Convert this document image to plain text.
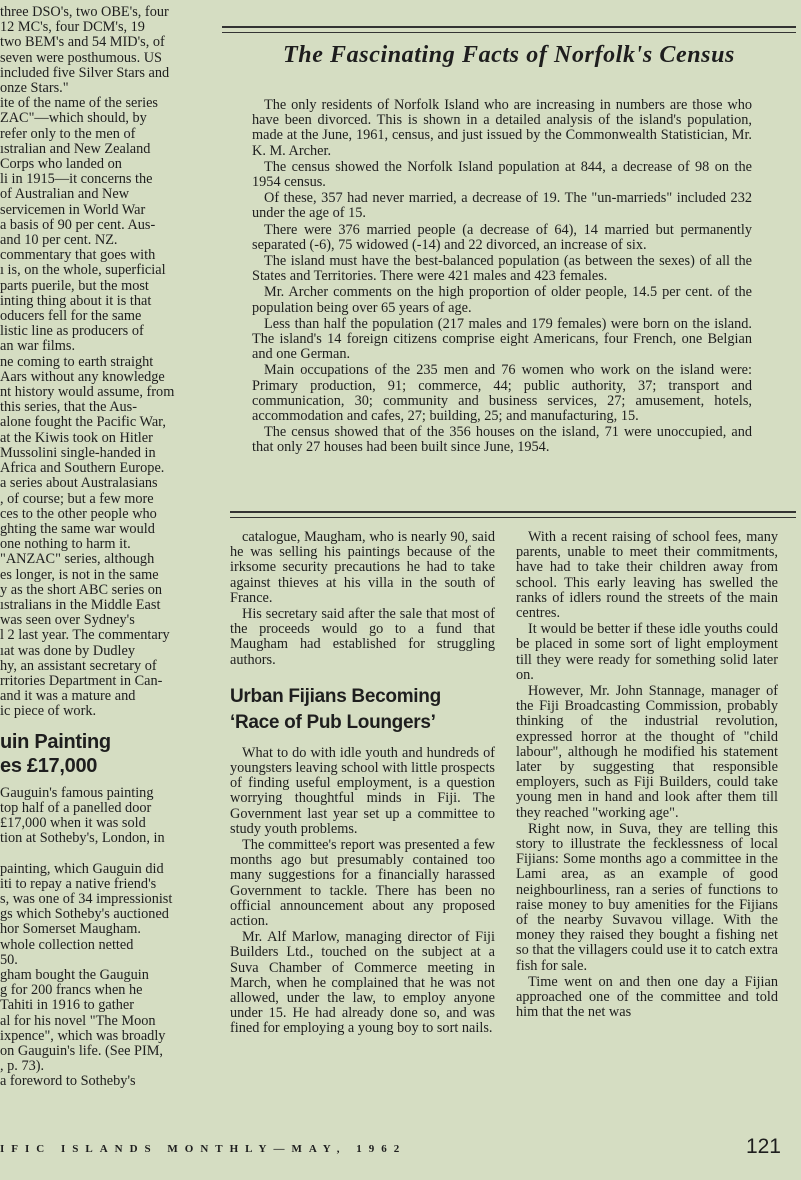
three DSO's, two OBE's, four

12 MC's, four DCM's, 19

two BEM's and 54 MID's, of

seven were posthumous. US

included five Silver Stars and

onze Stars."

ite of the name of the series

ZAC"—which should, by

refer only to the men of

ıstralian and New Zealand

Corps who landed on

li in 1915—it concerns the

of Australian and New

servicemen in World War

a basis of 90 per cent. Aus-

and 10 per cent. NZ.

commentary that goes with

ı is, on the whole, superficial

parts puerile, but the most

inting thing about it is that

oducers fell for the same

listic line as producers of

an war films.

ne coming to earth straight

Aars without any knowledge

nt history would assume, from

this series, that the Aus-

alone fought the Pacific War,

at the Kiwis took on Hitler

Mussolini single-handed in

Africa and Southern Europe.

a series about Australasians

, of course; but a few more

ces to the other people who

ghting the same war would

one nothing to harm it.

"ANZAC" series, although

es longer, is not in the same

y as the short ABC series on

ıstralians in the Middle East

was seen over Sydney's

l 2 last year. The commentary

ıat was done by Dudley

hy, an assistant secretary of

rritories Department in Can-

and it was a mature and

ic piece of work.

uin Painting

es £17,000

Gauguin's famous painting

top half of a panelled door

£17,000 when it was sold

tion at Sotheby's, London, in

painting, which Gauguin did

iti to repay a native friend's

s, was one of 34 impressionist

gs which Sotheby's auctioned

hor Somerset Maugham.

whole collection netted

50.

gham bought the Gauguin

g for 200 francs when he

Tahiti in 1916 to gather

al for his novel "The Moon

ixpence", which was broadly

on Gauguin's life. (See PIM,

, p. 73).

a foreword to Sotheby's

The Fascinating Facts of Norfolk's Census

The only residents of Norfolk Island who are increasing in numbers are those who have been divorced. This is shown in a detailed analysis of the island's population, made at the June, 1961, census, and just issued by the Commonwealth Statistician, Mr. K. M. Archer.

The census showed the Norfolk Island population at 844, a decrease of 98 on the 1954 census.

Of these, 357 had never married, a decrease of 19. The "un-marrieds" included 232 under the age of 15.

There were 376 married people (a decrease of 64), 14 married but permanently separated (-6), 75 widowed (-14) and 22 divorced, an increase of six.

The island must have the best-balanced population (as between the sexes) of all the States and Territories. There were 421 males and 423 females.

Mr. Archer comments on the high proportion of older people, 14.5 per cent. of the population being over 65 years of age.

Less than half the population (217 males and 179 females) were born on the island. The island's 14 foreign citizens comprise eight Americans, four French, one Belgian and one German.

Main occupations of the 235 men and 76 women who work on the island were: Primary production, 91; commerce, 44; public authority, 37; transport and communication, 30; community and business services, 27; amusement, hotels, accommodation and cafes, 27; building, 25; and manufacturing, 15.

The census showed that of the 356 houses on the island, 71 were unoccupied, and that only 27 houses had been built since June, 1954.

catalogue, Maugham, who is nearly 90, said he was selling his paintings because of the irksome security precautions he had to take against thieves at his villa in the south of France.

His secretary said after the sale that most of the proceeds would go to a fund that Maugham had established for struggling authors.

Urban Fijians Becoming ‘Race of Pub Loungers’

What to do with idle youth and hundreds of youngsters leaving school with little prospects of finding useful employment, is a question worrying thoughtful minds in Fiji. The Government last year set up a committee to study youth problems.

The committee's report was presented a few months ago but presumably contained too many suggestions for a financially harassed Government to tackle. There has been no official announcement about any proposed action.

Mr. Alf Marlow, managing director of Fiji Builders Ltd., touched on the subject at a Suva Chamber of Commerce meeting in March, when he complained that he was not allowed, under the law, to employ anyone under 15. He had already done so, and was fined for employing a young boy to sort nails.

With a recent raising of school fees, many parents, unable to meet their commitments, have had to take their children away from school. This early leaving has swelled the ranks of idlers round the streets of the main centres.

It would be better if these idle youths could be placed in some sort of light employment till they were ready for something solid later on.

However, Mr. John Stannage, manager of the Fiji Broadcasting Commission, probably thinking of the industrial revolution, expressed horror at the thought of "child labour", although he modified his statement later by suggesting that responsible employers, such as Fiji Builders, could take young men in hand and look after them till they reached "working age".

Right now, in Suva, they are telling this story to illustrate the fecklessness of local Fijians: Some months ago a committee in the Lami area, as an example of good neighbourliness, ran a series of functions to raise money to buy amenities for the Fijians of the nearby Suvavou village. With the money they raised they bought a fishing net so that the villagers could use it to catch extra fish for sale.

Time went on and then one day a Fijian approached one of the committee and told him that the net was

IFIC ISLANDS MONTHLY—MAY, 1962	121
